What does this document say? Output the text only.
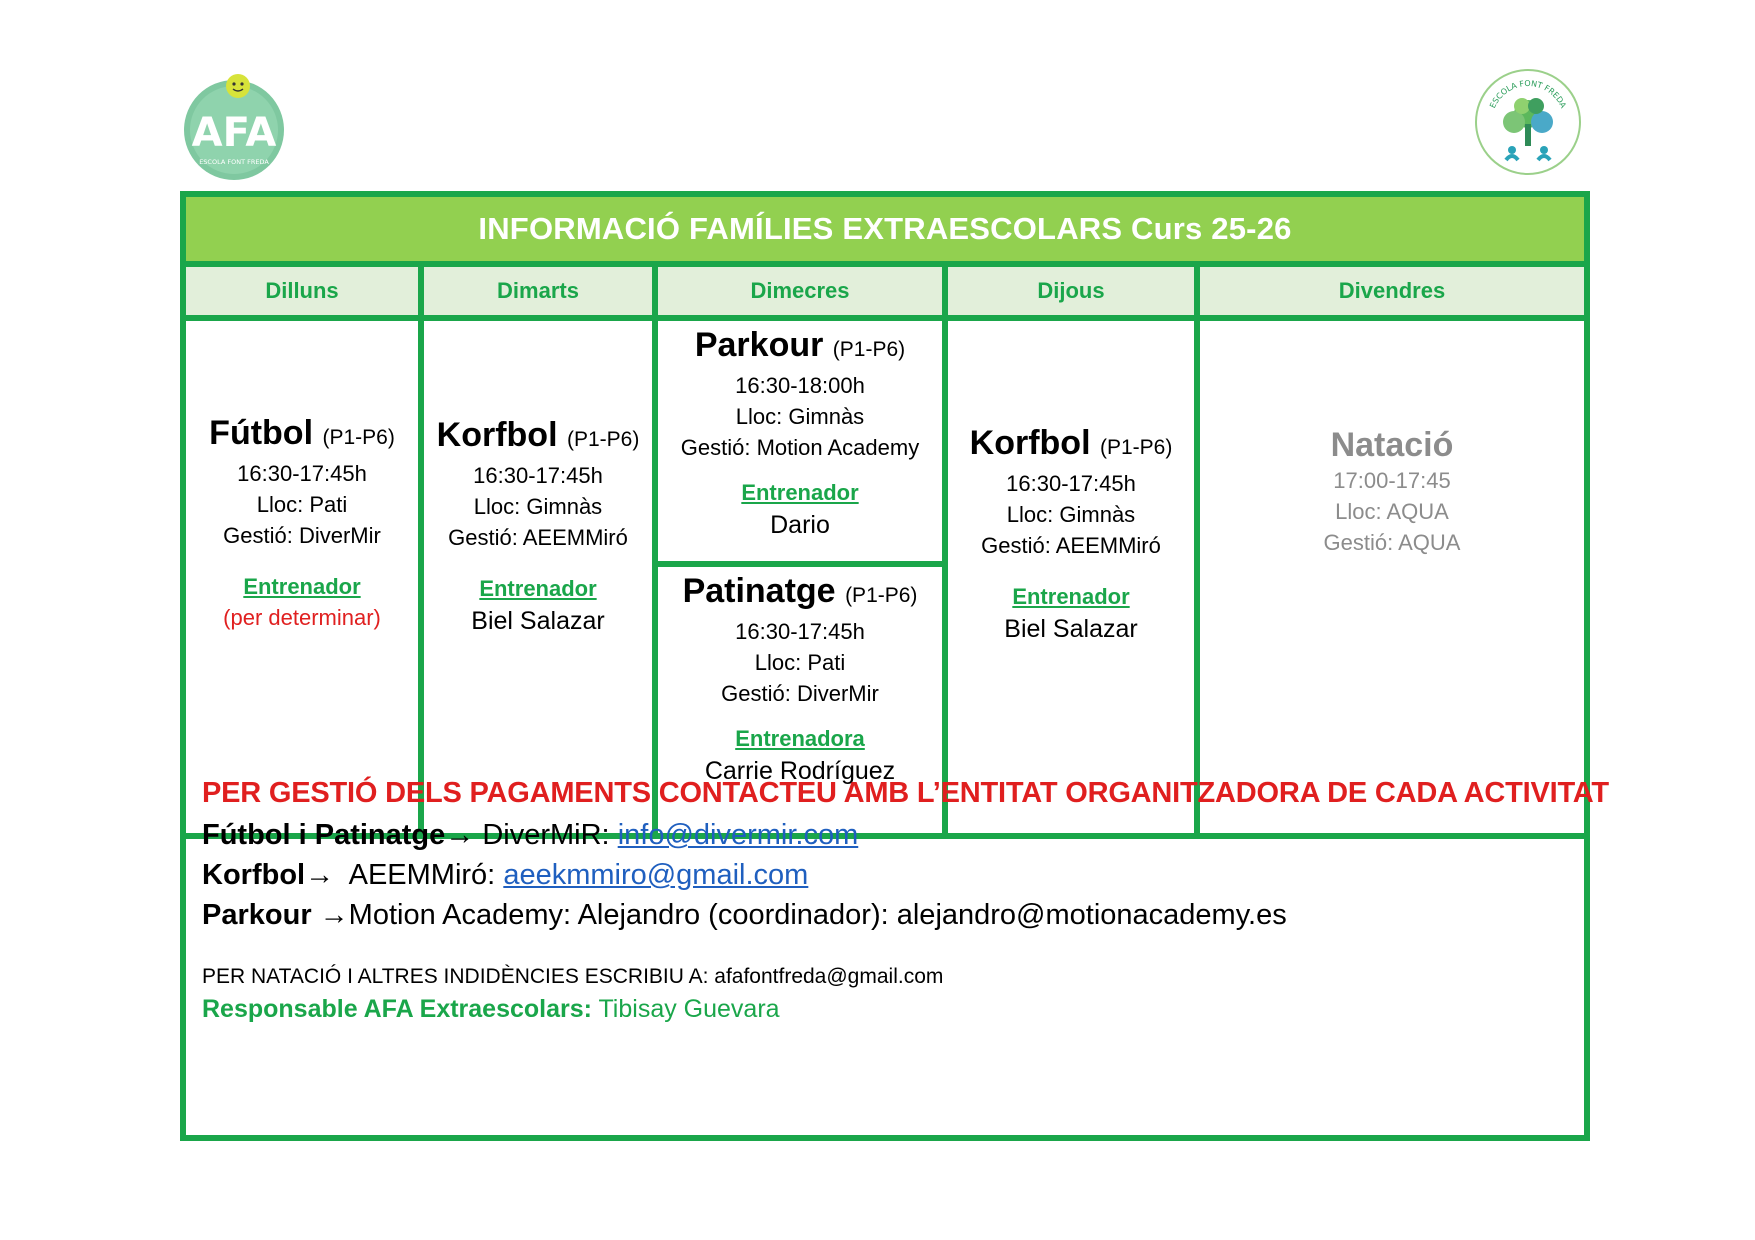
AFA
ESCOLA FONT FREDA
ESCOLA FONT FREDA
INFORMACIÓ FAMÍLIES EXTRAESCOLARS Curs 25-26
Dilluns
Fútbol (P1-P6)
16:30-17:45h
Lloc: Pati
Gestió: DiverMir
Entrenador
(per determinar)
Dimarts
Korfbol (P1-P6)
16:30-17:45h
Lloc: Gimnàs
Gestió: AEEMMiró
Entrenador
Biel Salazar
Dimecres
Parkour (P1-P6)
16:30-18:00h
Lloc: Gimnàs
Gestió: Motion Academy
Entrenador
Dario
Patinatge (P1-P6)
16:30-17:45h
Lloc: Pati
Gestió: DiverMir
Entrenadora
Carrie Rodríguez
Dijous
Korfbol (P1-P6)
16:30-17:45h
Lloc: Gimnàs
Gestió: AEEMMiró
Entrenador
Biel Salazar
Divendres
Natació
17:00-17:45
Lloc: AQUA
Gestió: AQUA
PER GESTIÓ DELS PAGAMENTS CONTACTEU AMB L’ENTITAT ORGANITZADORA DE CADA ACTIVITAT
Fútbol i Patinatge→ DiverMiR: info@divermir.com
Korfbol→ AEEMMiró: aeekmmiro@gmail.com
Parkour →Motion Academy: Alejandro (coordinador): alejandro@motionacademy.es
PER NATACIÓ I ALTRES INDIDÈNCIES ESCRIBIU A: afafontfreda@gmail.com
Responsable AFA Extraescolars: Tibisay Guevara
